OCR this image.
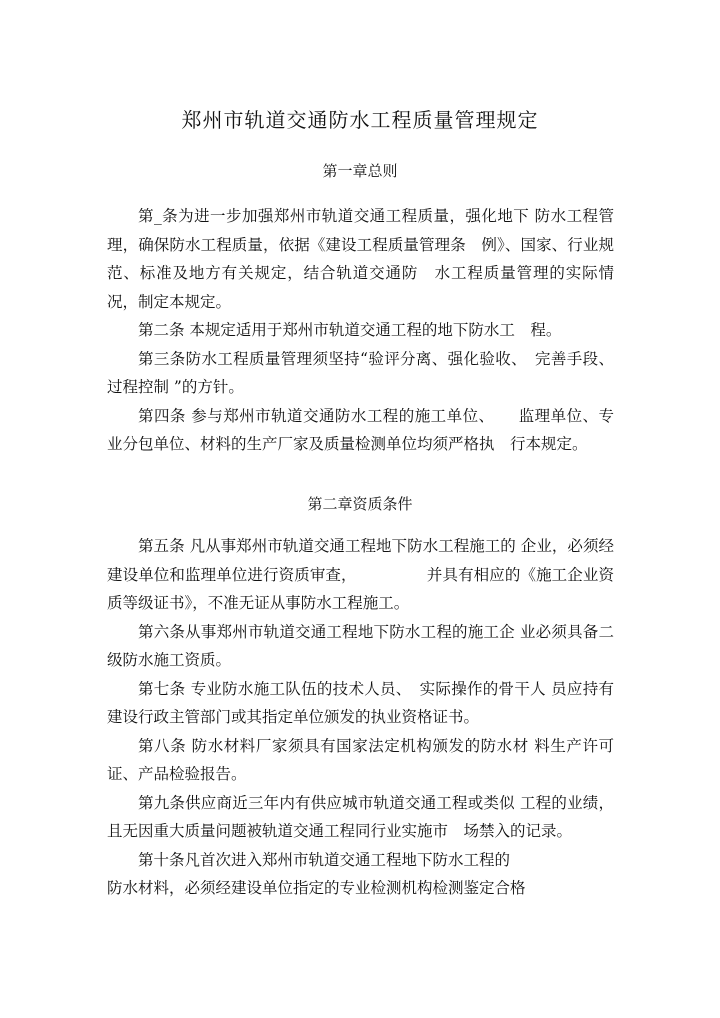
郑州市轨道交通防水工程质量管理规定
第一章总则

第_条为进一步加强郑州市轨道交通工程质量，强化地下 防水工程管理，确保防水工程质量，依据《建设工程质量管理条　例》、国家、行业规范、标准及地方有关规定，结合轨道交通防　水工程质量管理的实际情况，制定本规定。

第二条 本规定适用于郑州市轨道交通工程的地下防水工　程。

第三条防水工程质量管理须坚持“验评分离、强化验收、　完善手段、过程控制 ”的方针。

第四条 参与郑州市轨道交通防水工程的施工单位、　　监理单位、专业分包单位、材料的生产厂家及质量检测单位均须严格执　行本规定。

第二章资质条件

第五条 凡从事郑州市轨道交通工程地下防水工程施工的 企业，必须经建设单位和监理单位进行资质审查，　　　　　并具有相应的《施工企业资质等级证书》，不准无证从事防水工程施工。

第六条从事郑州市轨道交通工程地下防水工程的施工企 业必须具备二级防水施工资质。

第七条 专业防水施工队伍的技术人员、　实际操作的骨干人 员应持有建设行政主管部门或其指定单位颁发的执业资格证书。

第八条 防水材料厂家须具有国家法定机构颁发的防水材 料生产许可证、产品检验报告。

第九条供应商近三年内有供应城市轨道交通工程或类似 工程的业绩，且无因重大质量问题被轨道交通工程同行业实施市　场禁入的记录。

第十条凡首次进入郑州市轨道交通工程地下防水工程的

防水材料，必须经建设单位指定的专业检测机构检测鉴定合格
